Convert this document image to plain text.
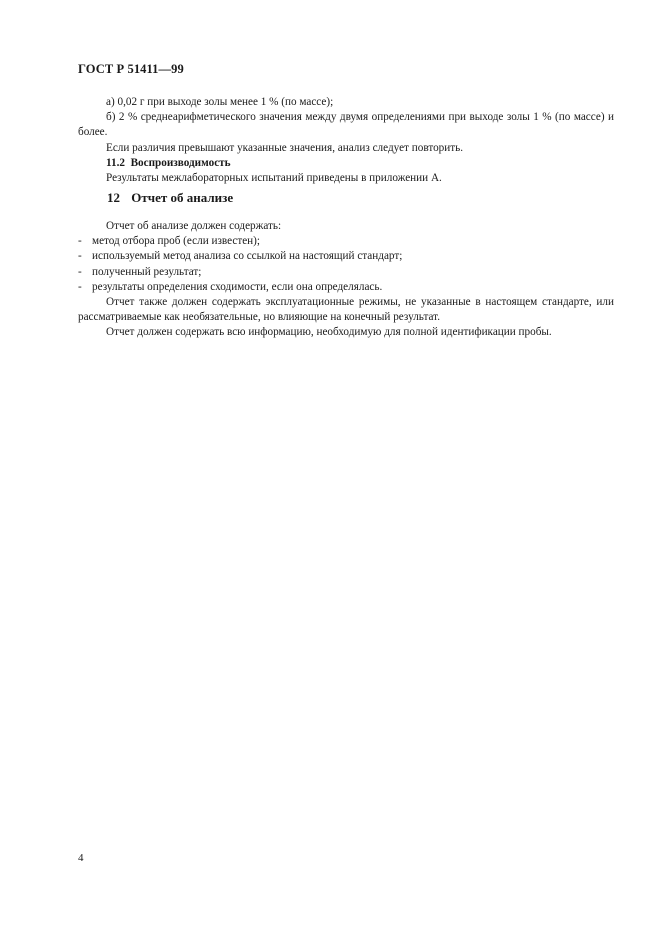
ГОСТ Р 51411—99

а) 0,02 г при выходе золы менее 1 % (по массе);

б) 2 % среднеарифметического значения между двумя определениями при выходе золы 1 % (по массе) и более.

Если различия превышают указанные значения, анализ следует повторить.

11.2 Воспроизводимость

Результаты межлабораторных испытаний приведены в приложении А.

12 Отчет об анализе

Отчет об анализе должен содержать:

- метод отбора проб (если известен);

- используемый метод анализа со ссылкой на настоящий стандарт;

- полученный результат;

- результаты определения сходимости, если она определялась.

Отчет также должен содержать эксплуатационные режимы, не указанные в настоящем стандарте, или рассматриваемые как необязательные, но влияющие на конечный результат.

Отчет должен содержать всю информацию, необходимую для полной идентификации пробы.

4
